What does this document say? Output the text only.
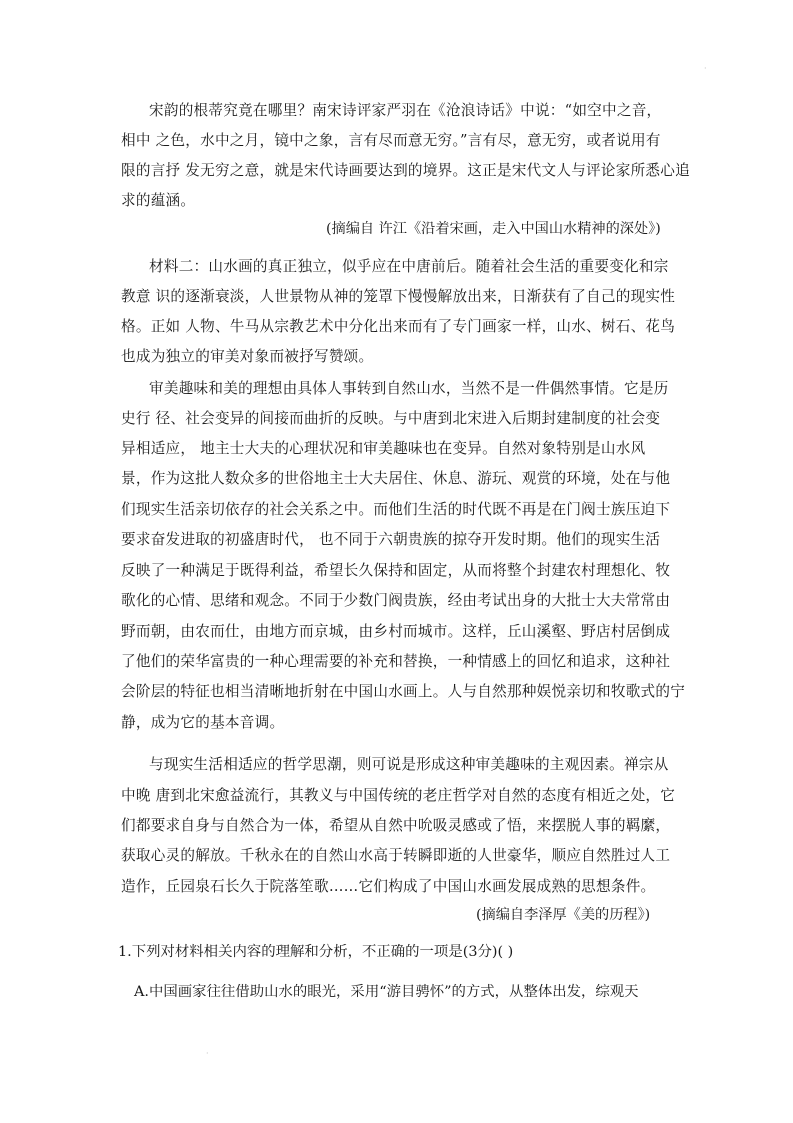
·
宋韵的根蒂究竟在哪里？南宋诗评家严羽在《沧浪诗话》中说：“如空中之音，
相中 之色，水中之月，镜中之象，言有尽而意无穷。”言有尽，意无穷，或者说用有
限的言抒 发无穷之意，就是宋代诗画要达到的境界。这正是宋代文人与评论家所悉心追
求的蕴涵。
(摘编自 许江《沿着宋画，走入中国山水精神的深处》)
材料二：山水画的真正独立，似乎应在中唐前后。随着社会生活的重要变化和宗
教意 识的逐渐衰淡，人世景物从神的笼罩下慢慢解放出来，日渐获有了自己的现实性
格。正如 人物、牛马从宗教艺术中分化出来而有了专门画家一样，山水、树石、花鸟
也成为独立的审美对象而被抒写赞颂。
审美趣味和美的理想由具体人事转到自然山水，当然不是一件偶然事情。它是历
史行 径、社会变异的间接而曲折的反映。与中唐到北宋进入后期封建制度的社会变
异相适应， 地主士大夫的心理状况和审美趣味也在变异。自然对象特别是山水风
景，作为这批人数众多的世俗地主士大夫居住、休息、游玩、观赏的环境，处在与他
们现实生活亲切依存的社会关系之中。而他们生活的时代既不再是在门阀士族压迫下
要求奋发进取的初盛唐时代， 也不同于六朝贵族的掠夺开发时期。他们的现实生活
反映了一种满足于既得利益，希望长久保持和固定，从而将整个封建农村理想化、牧
歌化的心情、思绪和观念。不同于少数门阀贵族，经由考试出身的大批士大夫常常由
野而朝，由农而仕，由地方而京城，由乡村而城市。这样，丘山溪壑、野店村居倒成
了他们的荣华富贵的一种心理需要的补充和替换，一种情感上的回忆和追求，这种社
会阶层的特征也相当清晰地折射在中国山水画上。人与自然那种娱悦亲切和牧歌式的宁
静，成为它的基本音调。
与现实生活相适应的哲学思潮，则可说是形成这种审美趣味的主观因素。禅宗从
中晚 唐到北宋愈益流行，其教义与中国传统的老庄哲学对自然的态度有相近之处，它
们都要求自身与自然合为一体，希望从自然中吮吸灵感或了悟，来摆脱人事的羁縻，
获取心灵的解放。千秋永在的自然山水高于转瞬即逝的人世豪华，顺应自然胜过人工
造作，丘园泉石长久于院落笙歌……它们构成了中国山水画发展成熟的思想条件。
(摘编自李泽厚《美的历程》)
1.下列对材料相关内容的理解和分析，不正确的一项是(3分)( )
A.中国画家往往借助山水的眼光，采用“游目骋怀”的方式，从整体出发，综观天
·
